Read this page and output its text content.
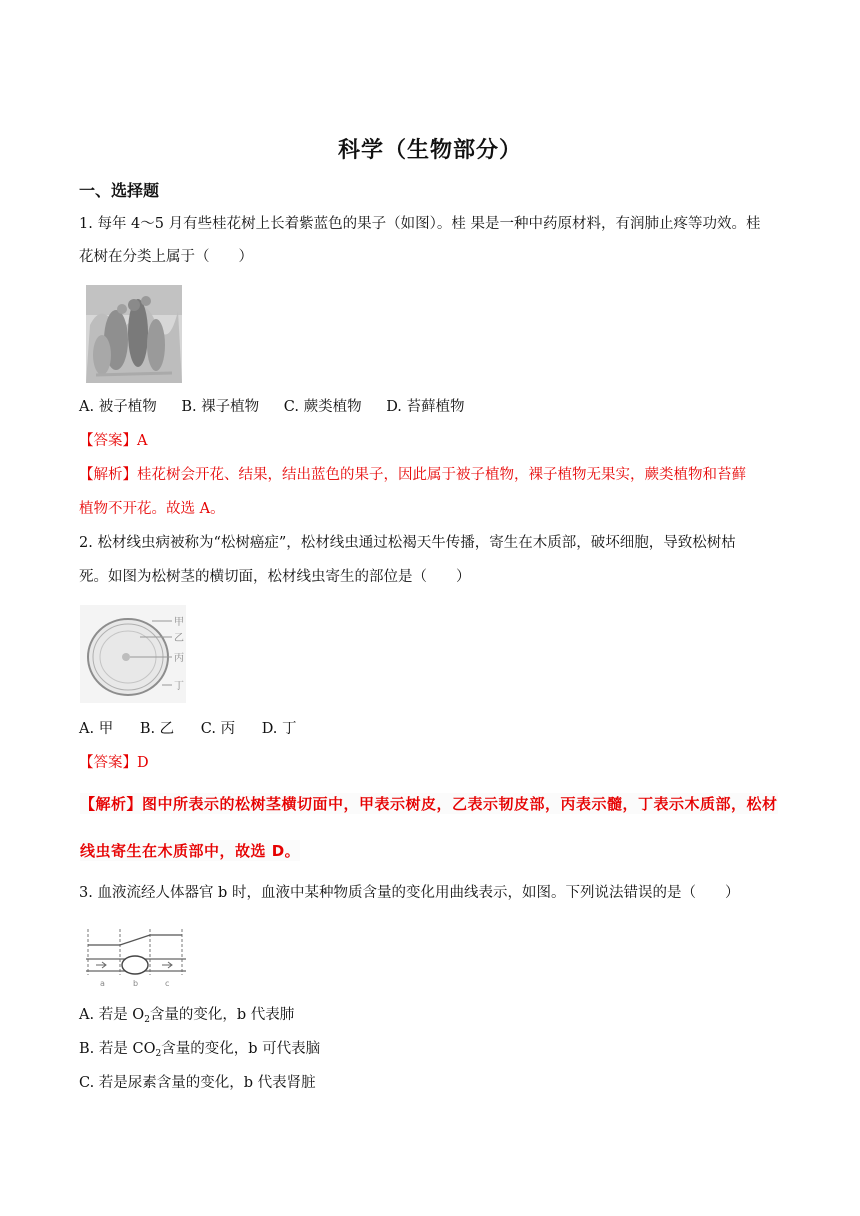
科学（生物部分）
一、选择题
1. 每年 4～5 月有些桂花树上长着紫蓝色的果子（如图）。桂 果是一种中药原材料，有润肺止疼等功效。桂
花树在分类上属于（　　）
A. 被子植物 B. 裸子植物 C. 蕨类植物 D. 苔藓植物
【答案】A
【解析】桂花树会开花、结果，结出蓝色的果子，因此属于被子植物，裸子植物无果实，蕨类植物和苔藓
植物不开花。故选 A。
2. 松材线虫病被称为“松树癌症”，松材线虫通过松褐天牛传播，寄生在木质部，破坏细胞，导致松树枯
死。如图为松树茎的横切面，松材线虫寄生的部位是（　　）
甲
乙
丙
丁
A. 甲 B. 乙 C. 丙 D. 丁
【答案】D
【解析】图中所表示的松树茎横切面中，甲表示树皮，乙表示韧皮部，丙表示髓，丁表示木质部，松材
线虫寄生在木质部中，故选 D。
3. 血液流经人体器官 b 时，血液中某种物质含量的变化用曲线表示，如图。下列说法错误的是（　　）
a	b	c
A. 若是 $O_2$含量的变化，b 代表肺
B. 若是 $CO_2$含量的变化，b 可代表脑
C. 若是尿素含量的变化，b 代表肾脏
